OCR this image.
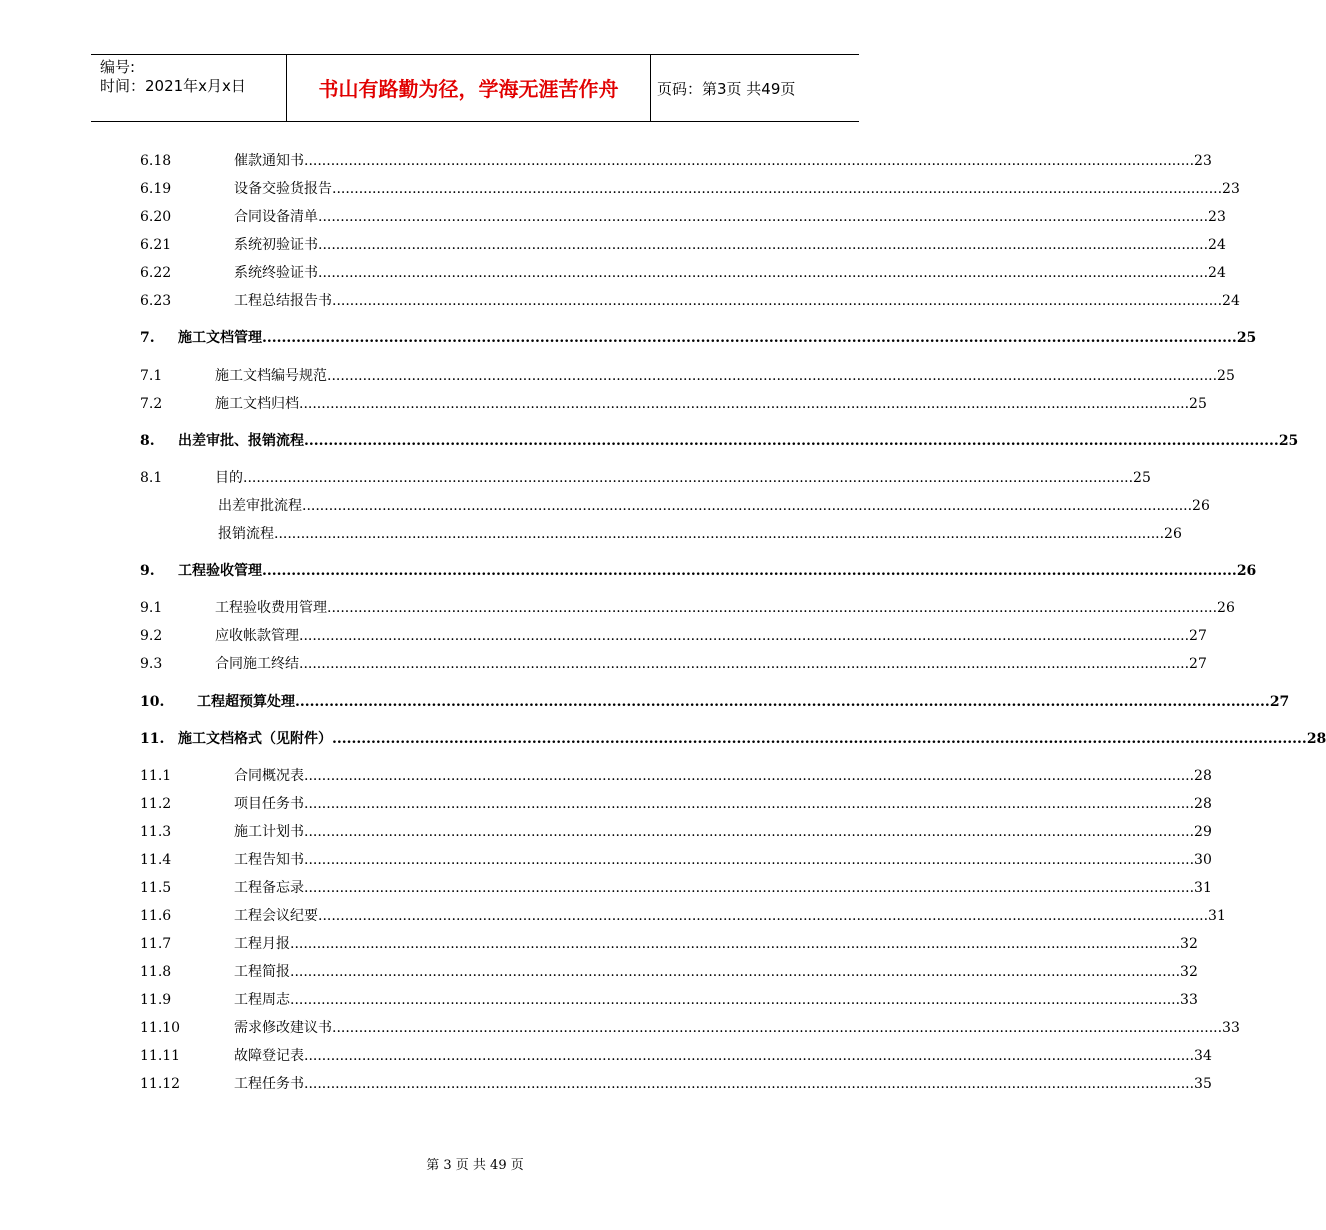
编号:
时间：2021年x月x日	书山有路勤为径，学海无涯苦作舟	页码：第3页 共49页
6.18	催款通知书 ........................................................................................................................................................................................................ 23
6.19	设备交验货报告 ........................................................................................................................................................................................................ 23
6.20	合同设备清单 ........................................................................................................................................................................................................ 23
6.21	系统初验证书 ........................................................................................................................................................................................................ 24
6.22	系统终验证书 ........................................................................................................................................................................................................ 24
6.23	工程总结报告书 ........................................................................................................................................................................................................ 24
7. 施工文档管理 ........................................................................................................................................................................................................ 25
7.1	施工文档编号规范 ........................................................................................................................................................................................................ 25
7.2	施工文档归档 ........................................................................................................................................................................................................ 25
8. 出差审批、报销流程 ........................................................................................................................................................................................................ 25
8.1	目的 ........................................................................................................................................................................................................ 25
出差审批流程 ........................................................................................................................................................................................................ 26
报销流程 ........................................................................................................................................................................................................ 26
9. 工程验收管理 ........................................................................................................................................................................................................ 26
9.1	工程验收费用管理 ........................................................................................................................................................................................................ 26
9.2	应收帐款管理 ........................................................................................................................................................................................................ 27
9.3	合同施工终结 ........................................................................................................................................................................................................ 27
10. 工程超预算处理 ........................................................................................................................................................................................................ 27
11. 施工文档格式（见附件） ........................................................................................................................................................................................................ 28
11.1	合同概况表 ........................................................................................................................................................................................................ 28
11.2	项目任务书 ........................................................................................................................................................................................................ 28
11.3	施工计划书 ........................................................................................................................................................................................................ 29
11.4	工程告知书 ........................................................................................................................................................................................................ 30
11.5	工程备忘录 ........................................................................................................................................................................................................ 31
11.6	工程会议纪要 ........................................................................................................................................................................................................ 31
11.7	工程月报 ........................................................................................................................................................................................................ 32
11.8	工程简报 ........................................................................................................................................................................................................ 32
11.9	工程周志 ........................................................................................................................................................................................................ 33
11.10	需求修改建议书 ........................................................................................................................................................................................................ 33
11.11	故障登记表 ........................................................................................................................................................................................................ 34
11.12	工程任务书 ........................................................................................................................................................................................................ 35
第 3 页 共 49 页
